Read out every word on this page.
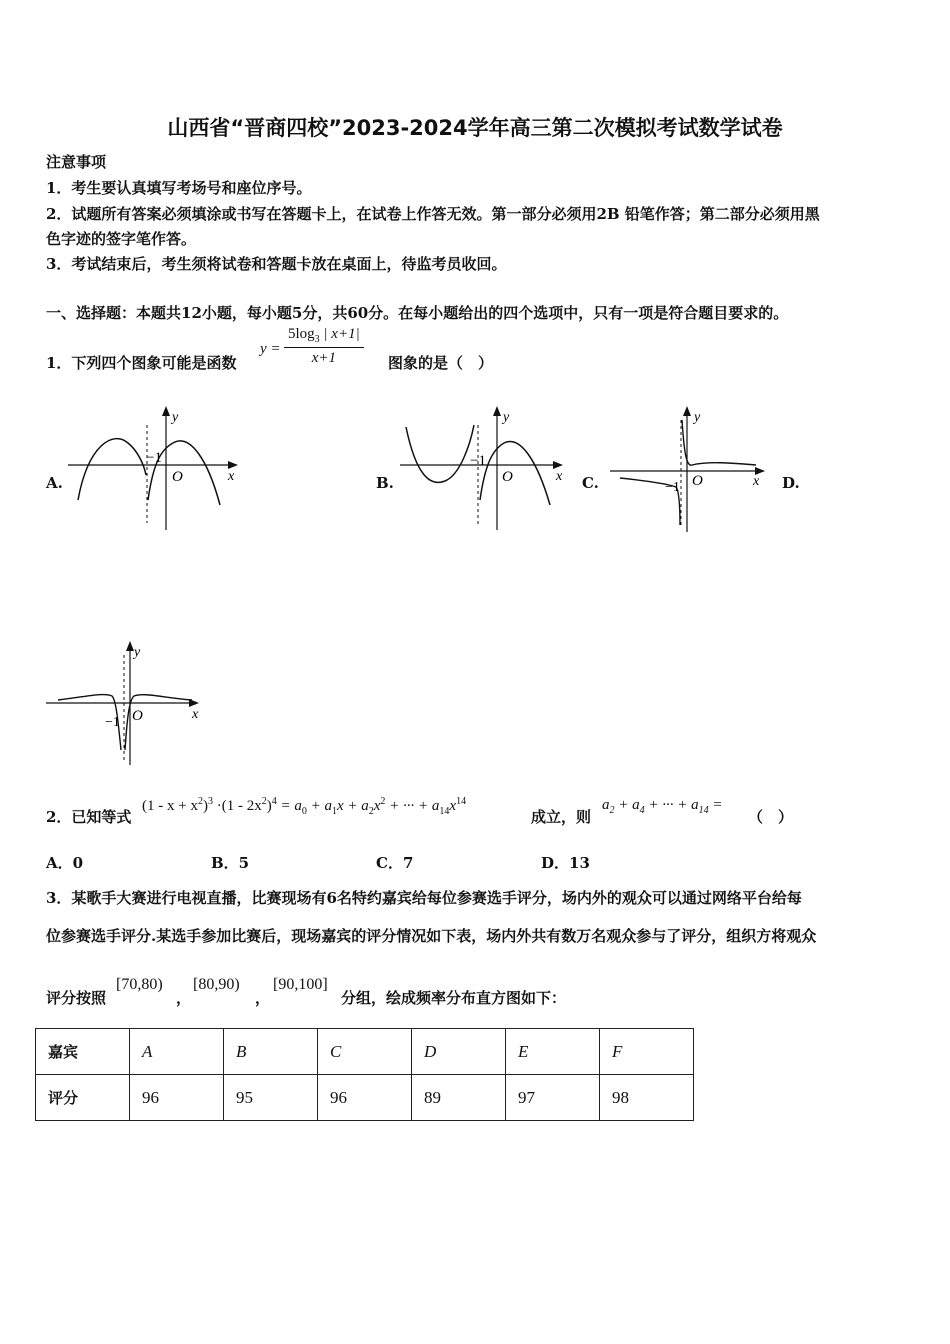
山西省“晋商四校”2023-2024学年高三第二次模拟考试数学试卷
注意事项
1．考生要认真填写考场号和座位序号。
2．试题所有答案必须填涂或书写在答题卡上，在试卷上作答无效。第一部分必须用2B 铅笔作答；第二部分必须用黑
色字迹的签字笔作答。
3．考试结束后，考生须将试卷和答题卡放在桌面上，待监考员收回。
一、选择题：本题共12小题，每小题5分，共60分。在每小题给出的四个选项中，只有一项是符合题目要求的。
1．下列四个图象可能是函数
$y = \frac{5\log_3 | x+1|}{x+1}$ 图象的是（　）
A.	B.	C.	D.
y
x
O
−1
y
x
O
−1
y
x
O
−1
y
x
O
−1
2．已知等式
$(1 - x + x^2)^3 \cdot(1 - 2x^2)^4 = a_0 + a_1x + a_2x^2$ + ··· + $a_{14}x^{14}$
成立，则
$a_2 + a_4$ + ··· + $a_{14}$ =
（　）
A．0	B．5	C．7	D．13
3．某歌手大赛进行电视直播，比赛现场有6名特约嘉宾给每位参赛选手评分，场内外的观众可以通过网络平台给每
位参赛选手评分.某选手参加比赛后，现场嘉宾的评分情况如下表，场内外共有数万名观众参与了评分，组织方将观众
评分按照
[70,80)
，
[80,90)
，
[90,100]
分组，绘成频率分布直方图如下：
嘉宾	A	B	C	D	E	F
评分	96	95	96	89	97	98
